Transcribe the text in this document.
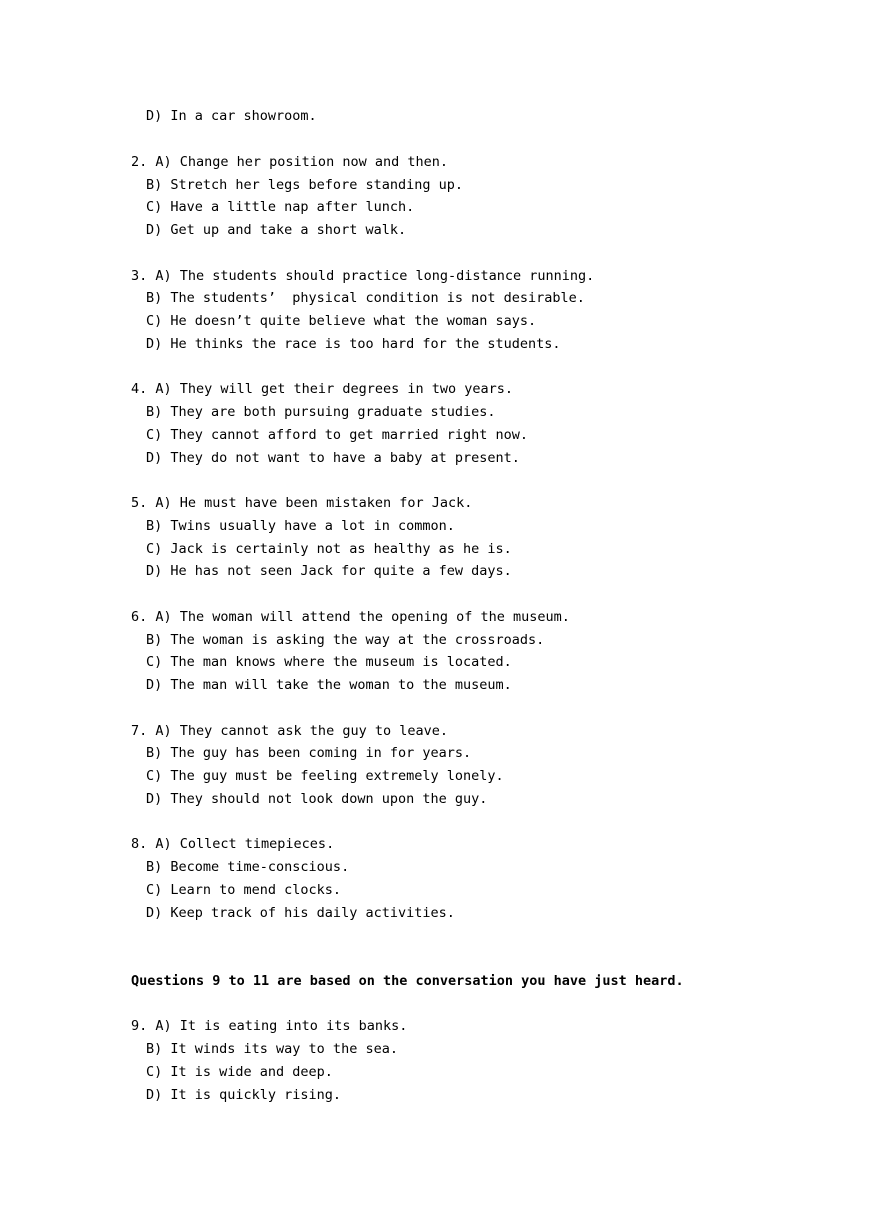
D) In a car showroom.
2. A) Change her position now and then.
B) Stretch her legs before standing up.
C) Have a little nap after lunch.
D) Get up and take a short walk.
3. A) The students should practice long-distance running.
B) The students’  physical condition is not desirable.
C) He doesn’t quite believe what the woman says.
D) He thinks the race is too hard for the students.
4. A) They will get their degrees in two years.
B) They are both pursuing graduate studies.
C) They cannot afford to get married right now.
D) They do not want to have a baby at present.
5. A) He must have been mistaken for Jack.
B) Twins usually have a lot in common.
C) Jack is certainly not as healthy as he is.
D) He has not seen Jack for quite a few days.
6. A) The woman will attend the opening of the museum.
B) The woman is asking the way at the crossroads.
C) The man knows where the museum is located.
D) The man will take the woman to the museum.
7. A) They cannot ask the guy to leave.
B) The guy has been coming in for years.
C) The guy must be feeling extremely lonely.
D) They should not look down upon the guy.
8. A) Collect timepieces.
B) Become time-conscious.
C) Learn to mend clocks.
D) Keep track of his daily activities.
Questions 9 to 11 are based on the conversation you have just heard.
9. A) It is eating into its banks.
B) It winds its way to the sea.
C) It is wide and deep.
D) It is quickly rising.
